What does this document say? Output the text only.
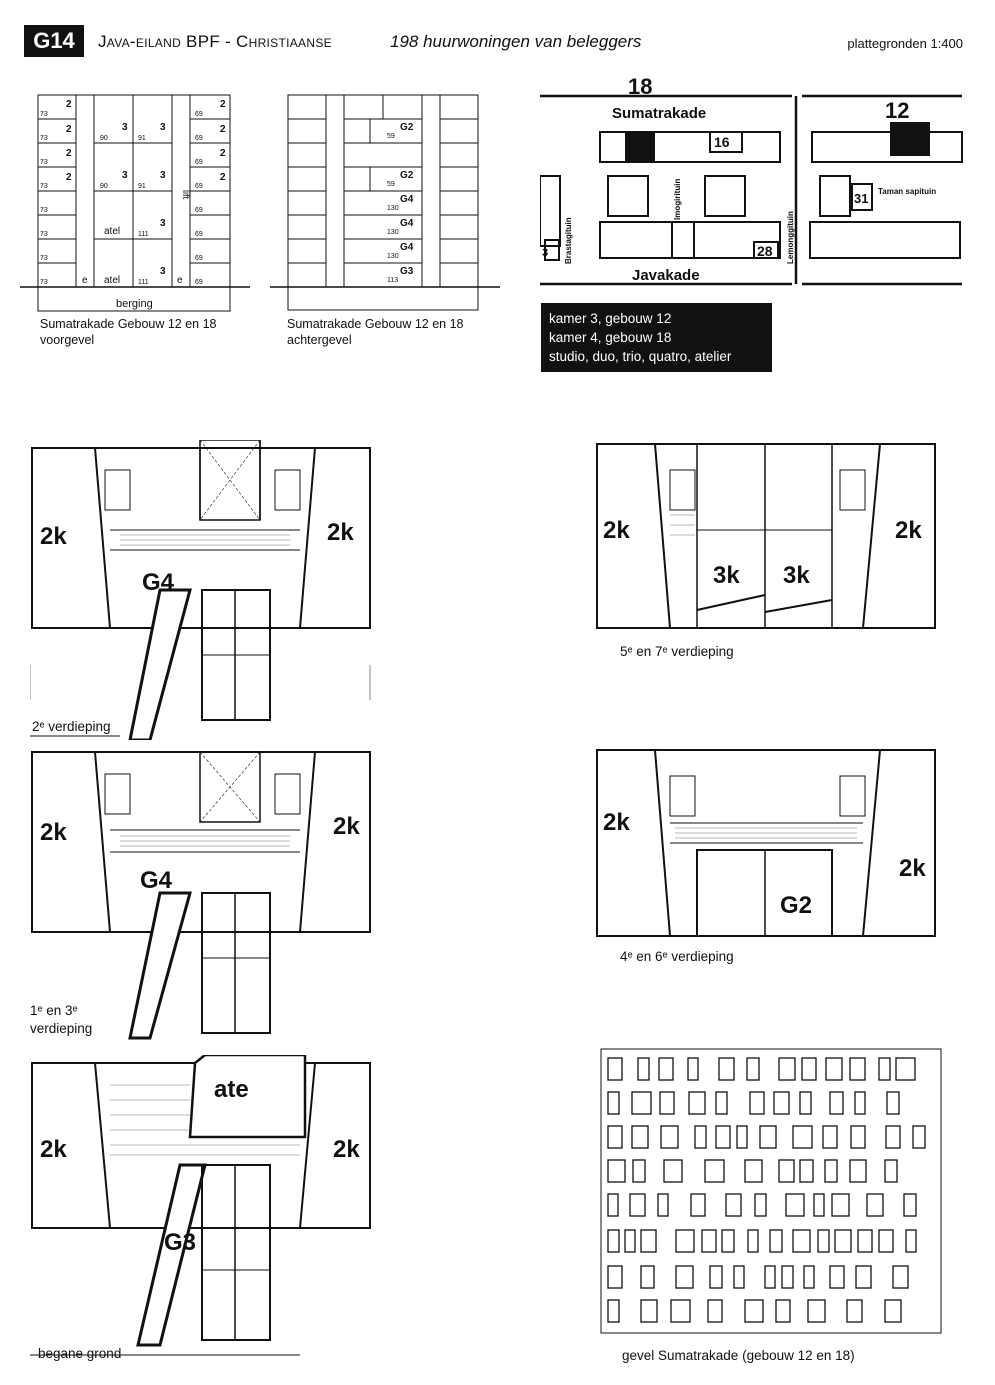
G14	Java-eiland BPF - Christiaanse	198 huurwoningen van beleggers	plattegronden 1:400
73
73
73
73
73
73
73
73
69
69
69
69
69
69
69
69
2
2
2
2
2
2
2
2
3	3
3	3
3
3
90	91
90	91
111
111
atel
atel
e	e
berging
lift
Sumatrakade Gebouw 12 en 18
voorgevel
G2
G2
G4
G4
G4
G3
59
59
130
130
130
113
Sumatrakade Gebouw 12 en 18
achtergevel
18
12
Sumatrakade
Javakade
16
28
31
3
Taman sapituin
Imogirituin
Brastagituin	Lemonggituin
kamer 3, gebouw 12
kamer 4, gebouw 18
studio, duo, trio, quatro, atelier
2k	2k
G4
2ᵉ verdieping
2k	2k
G4
1ᵉ en 3ᵉ
verdieping
2k	2k
G3
ate
begane grond
2k	2k
3k 3k
5ᵉ en 7ᵉ verdieping
2k
2k
G2
4ᵉ en 6ᵉ verdieping
gevel Sumatrakade (gebouw 12 en 18)
